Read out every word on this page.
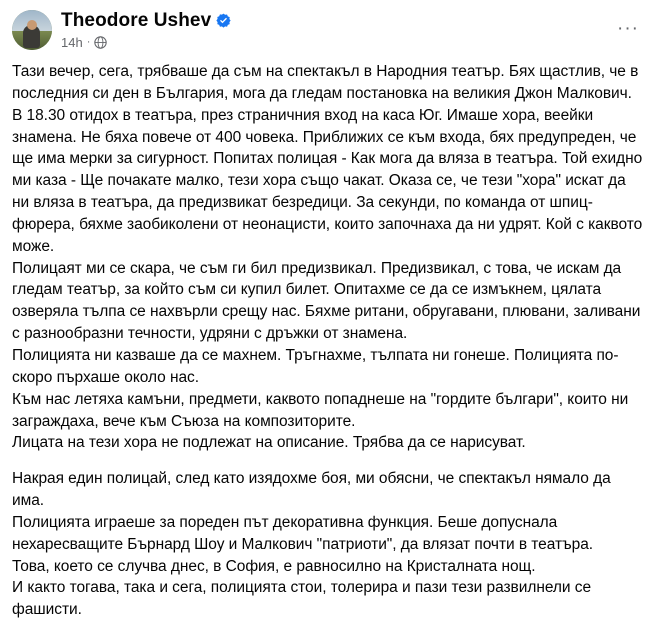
Theodore Ushev
14h ·
···

Тази вечер, сега, трябваше да съм на спектакъл в Народния театър. Бях щастлив, че в последния си ден в България, мога да гледам постановка на великия Джон Малкович.

В 18.30 отидох в театъра, през страничния вход на каса Юг. Имаше хора, веейки знамена. Не бяха повече от 400 човека. Приближих се към входа, бях предупреден, че ще има мерки за сигурност. Попитах полицая - Как мога да вляза в театъра. Той ехидно ми каза - Ще почакате малко, тези хора също чакат. Оказа се, че тези "хора" искат да ни вляза в театъра, да предизвикат безредици. За секунди, по команда от шпиц- фюрера, бяхме заобиколени от неонацисти, които започнаха да ни удрят. Кой с каквото може.

Полицаят ми се скара, че съм ги бил предизвикал. Предизвикал, с това, че искам да гледам театър, за който съм си купил билет. Опитахме се да се измъкнем, цялата озверяла тълпа се нахвърли срещу нас. Бяхме ритани, обругавани, плювани, заливани с разнообразни течности, удряни с дръжки от знамена.

Полицията ни казваше да се махнем. Тръгнахме, тълпата ни гонеше. Полицията по-скоро пърхаше около нас.

Към нас летяха камъни, предмети, каквото попаднеше на "гордите българи", които ни заграждаха, вече към Съюза на композиторите.

Лицата на тези хора не подлежат на описание. Трябва да се нарисуват.

Накрая един полицай, след като изядохме боя, ми обясни, че спектакъл нямало да има.

Полицията играеше за пореден път декоративна функция. Беше допуснала нехаресващите Бърнард Шоу и Малкович "патриоти", да влязат почти в театъра.

Това, което се случва днес, в София, е равносилно на Кристалната нощ.

И както тогава, така и сега, полицията стои, толерира и пази тези развилнели се фашисти.
